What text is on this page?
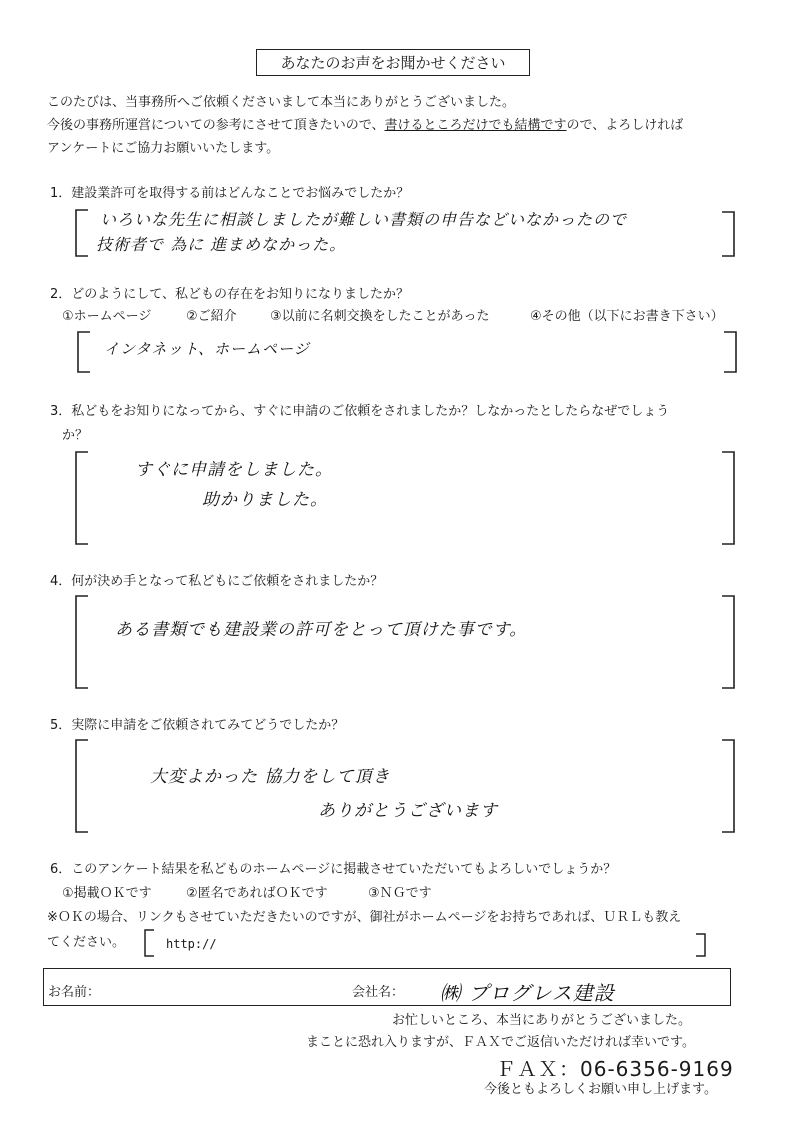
あなたのお声をお聞かせください
このたびは、当事務所へご依頼くださいまして本当にありがとうございました。
今後の事務所運営についての参考にさせて頂きたいので、書けるところだけでも結構ですので、よろしければ
アンケートにご協力お願いいたします。
1．建設業許可を取得する前はどんなことでお悩みでしたか？
いろいな先生に相談しましたが難しい書類の申告などいなかったので
技術者で 為に 進まめなかった。
2．どのようにして、私どもの存在をお知りになりましたか？
①ホームページ	②ご紹介	③以前に名刺交換をしたことがあった	④その他（以下にお書き下さい）
インタネット、ホームページ
3．私どもをお知りになってから、すぐに申請のご依頼をされましたか？しなかったとしたらなぜでしょう
か？
すぐに申請をしました。
助かりました。
4．何が決め手となって私どもにご依頼をされましたか？
ある書類でも建設業の許可をとって頂けた事です。
5．実際に申請をご依頼されてみてどうでしたか？
大変よかった 協力をして頂き
ありがとうございます
6．このアンケート結果を私どものホームページに掲載させていただいてもよろしいでしょうか？
①掲載ＯＫです	②匿名であればＯＫです	③ＮＧです
※ＯＫの場合、リンクもさせていただきたいのですが、御社がホームページをお持ちであれば、ＵＲＬも教え
てください。	http://
お名前：	会社名： ㈱ プログレス建設
お忙しいところ、本当にありがとうございました。
まことに恐れ入りますが、ＦＡＸでご返信いただければ幸いです。
ＦＡＸ：06-6356-9169
今後ともよろしくお願い申し上げます。
